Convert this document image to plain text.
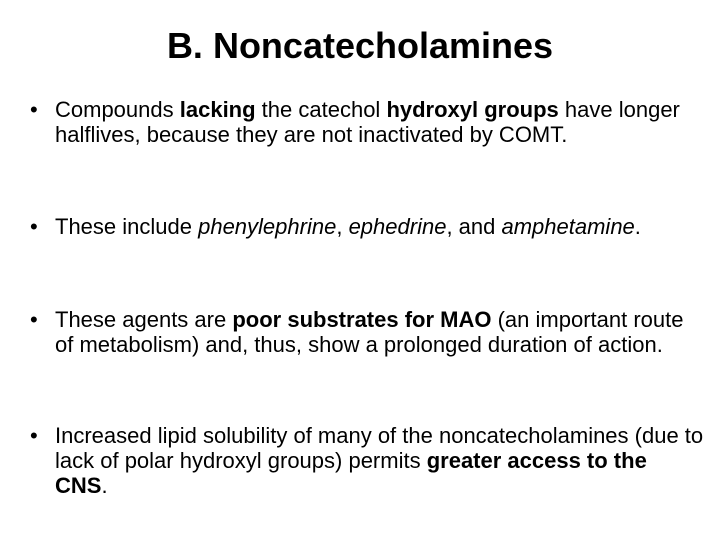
B. Noncatecholamines
• Compounds lacking the catechol hydroxyl groups have longer halflives, because they are not inactivated by COMT.
• These include phenylephrine, ephedrine, and amphetamine.
• These agents are poor substrates for MAO (an important route of metabolism) and, thus, show a prolonged duration of action.
• Increased lipid solubility of many of the noncatecholamines (due to lack of polar hydroxyl groups) permits greater access to the CNS.
